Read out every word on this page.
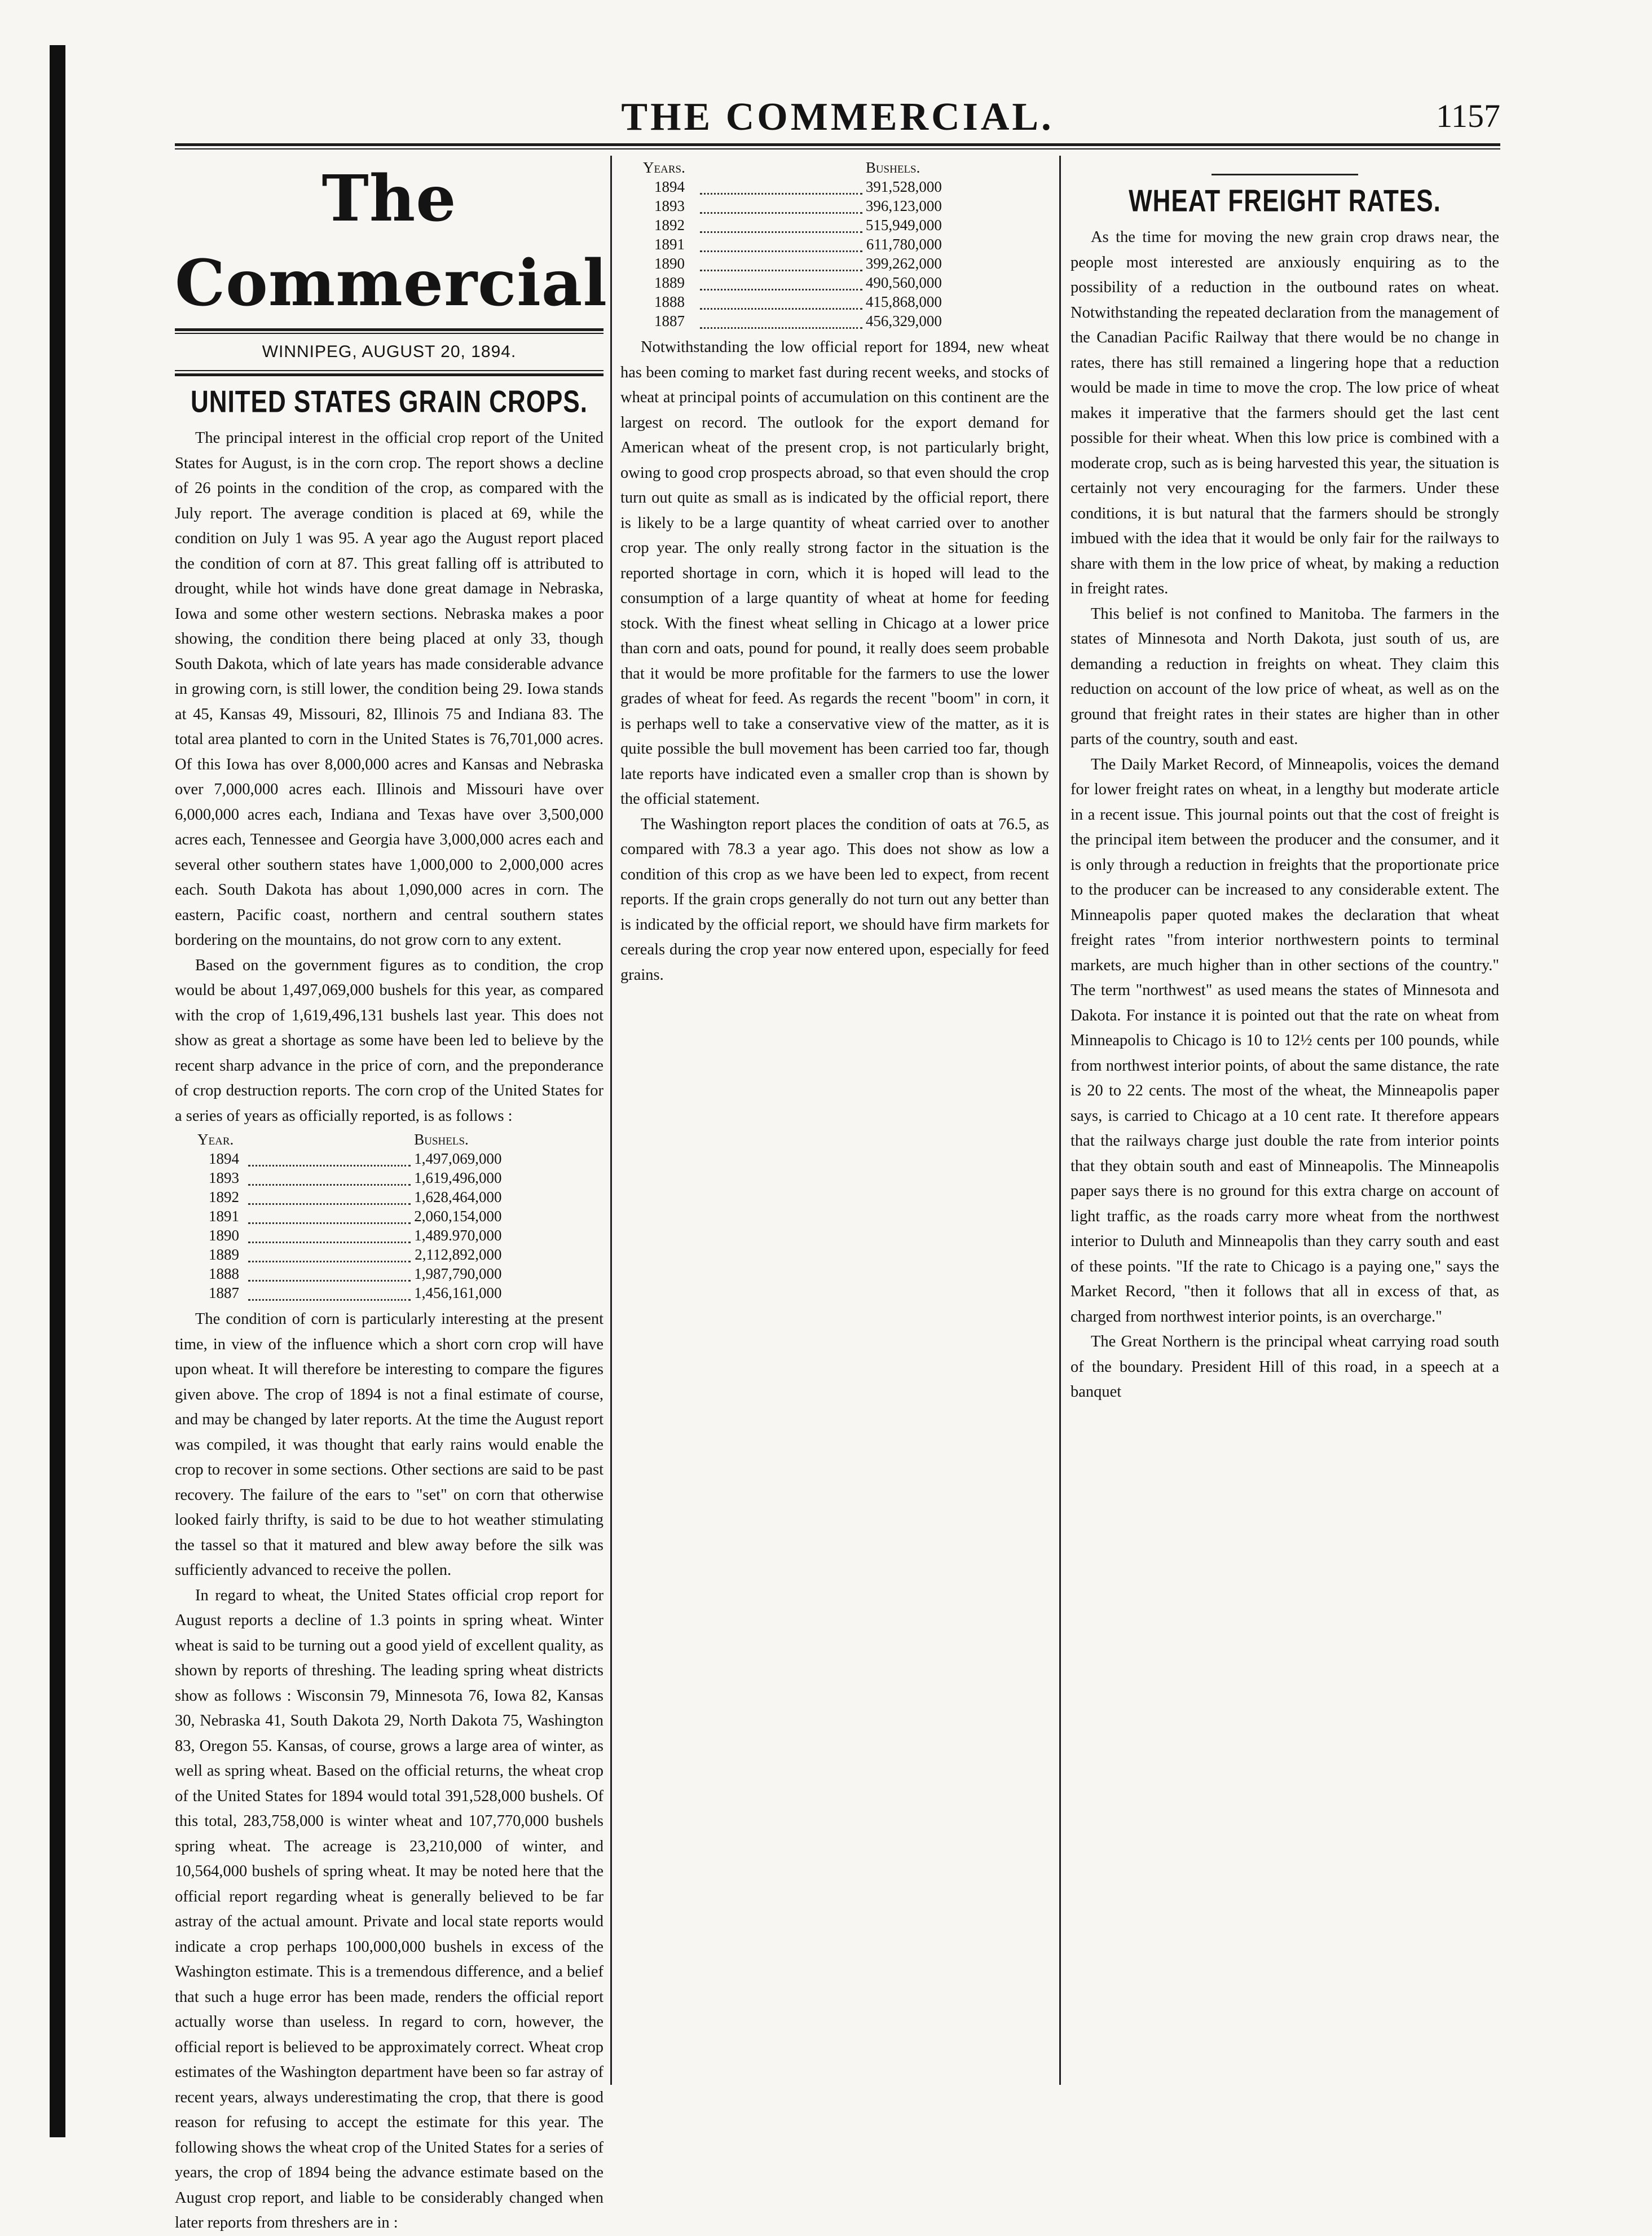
THE COMMERCIAL.	1157
The Commercial
WINNIPEG, AUGUST 20, 1894.
UNITED STATES GRAIN CROPS.

The principal interest in the official crop report of the United States for August, is in the corn crop. The report shows a decline of 26 points in the condition of the crop, as compared with the July report. The average condition is placed at 69, while the condition on July 1 was 95. A year ago the August report placed the condition of corn at 87. This great falling off is attributed to drought, while hot winds have done great damage in Nebraska, Iowa and some other western sections. Nebraska makes a poor showing, the condition there being placed at only 33, though South Dakota, which of late years has made considerable advance in growing corn, is still lower, the condition being 29. Iowa stands at 45, Kansas 49, Missouri, 82, Illinois 75 and Indiana 83. The total area planted to corn in the United States is 76,701,000 acres. Of this Iowa has over 8,000,000 acres and Kansas and Nebraska over 7,000,000 acres each. Illinois and Missouri have over 6,000,000 acres each, Indiana and Texas have over 3,500,000 acres each, Tennessee and Georgia have 3,000,000 acres each and several other southern states have 1,000,000 to 2,000,000 acres each. South Dakota has about 1,090,000 acres in corn. The eastern, Pacific coast, northern and central southern states bordering on the mountains, do not grow corn to any extent.

Based on the government figures as to condition, the crop would be about 1,497,069,000 bushels for this year, as compared with the crop of 1,619,496,131 bushels last year. This does not show as great a shortage as some have been led to believe by the recent sharp advance in the price of corn, and the preponderance of crop destruction reports. The corn crop of the United States for a series of years as officially reported, is as follows :

Year.		Bushels.
1894		1,497,069,000
1893		1,619,496,000
1892		1,628,464,000
1891		2,060,154,000
1890		1,489.970,000
1889		2,112,892,000
1888		1,987,790,000
1887		1,456,161,000

The condition of corn is particularly interesting at the present time, in view of the influence which a short corn crop will have upon wheat. It will therefore be interesting to compare the figures given above. The crop of 1894 is not a final estimate of course, and may be changed by later reports. At the time the August report was compiled, it was thought that early rains would enable the crop to recover in some sections. Other sections are said to be past recovery. The failure of the ears to "set" on corn that otherwise looked fairly thrifty, is said to be due to hot weather stimulating the tassel so that it matured and blew away before the silk was sufficiently advanced to receive the pollen.

In regard to wheat, the United States official crop report for August reports a decline of 1.3 points in spring wheat. Winter wheat is said to be turning out a good yield of excellent quality, as shown by reports of threshing. The leading spring wheat districts show as follows : Wisconsin 79, Minnesota 76, Iowa 82, Kansas 30, Nebraska 41, South Dakota 29, North Dakota 75, Washington 83, Oregon 55. Kansas, of course, grows a large area of winter, as well as spring wheat. Based on the official returns, the wheat crop of the United States for 1894 would total 391,528,000 bushels. Of this total, 283,758,000 is winter wheat and 107,770,000 bushels spring wheat. The acreage is 23,210,000 of winter, and 10,564,000 bushels of spring wheat. It may be noted here that the official report regarding wheat is generally believed to be far astray of the actual amount. Private and local state reports would indicate a crop perhaps 100,000,000 bushels in excess of the Washington estimate. This is a tremendous difference, and a belief that such a huge error has been made, renders the official report actually worse than useless. In regard to corn, however, the official report is believed to be approximately correct. Wheat crop estimates of the Washington department have been so far astray of recent years, always underestimating the crop, that there is good reason for refusing to accept the estimate for this year. The following shows the wheat crop of the United States for a series of years, the crop of 1894 being the advance estimate based on the August crop report, and liable to be considerably changed when later reports from threshers are in :

Years.		Bushels.
1894		391,528,000
1893		396,123,000
1892		515,949,000
1891		611,780,000
1890		399,262,000
1889		490,560,000
1888		415,868,000
1887		456,329,000

Notwithstanding the low official report for 1894, new wheat has been coming to market fast during recent weeks, and stocks of wheat at principal points of accumulation on this continent are the largest on record. The outlook for the export demand for American wheat of the present crop, is not particularly bright, owing to good crop prospects abroad, so that even should the crop turn out quite as small as is indicated by the official report, there is likely to be a large quantity of wheat carried over to another crop year. The only really strong factor in the situation is the reported shortage in corn, which it is hoped will lead to the consumption of a large quantity of wheat at home for feeding stock. With the finest wheat selling in Chicago at a lower price than corn and oats, pound for pound, it really does seem probable that it would be more profitable for the farmers to use the lower grades of wheat for feed. As regards the recent "boom" in corn, it is perhaps well to take a conservative view of the matter, as it is quite possible the bull movement has been carried too far, though late reports have indicated even a smaller crop than is shown by the official statement.

The Washington report places the condition of oats at 76.5, as compared with 78.3 a year ago. This does not show as low a condition of this crop as we have been led to expect, from recent reports. If the grain crops generally do not turn out any better than is indicated by the official report, we should have firm markets for cereals during the crop year now entered upon, especially for feed grains.

WHEAT FREIGHT RATES.

As the time for moving the new grain crop draws near, the people most interested are anxiously enquiring as to the possibility of a reduction in the outbound rates on wheat. Notwithstanding the repeated declaration from the management of the Canadian Pacific Railway that there would be no change in rates, there has still remained a lingering hope that a reduction would be made in time to move the crop. The low price of wheat makes it imperative that the farmers should get the last cent possible for their wheat. When this low price is combined with a moderate crop, such as is being harvested this year, the situation is certainly not very encouraging for the farmers. Under these conditions, it is but natural that the farmers should be strongly imbued with the idea that it would be only fair for the railways to share with them in the low price of wheat, by making a reduction in freight rates.

This belief is not confined to Manitoba. The farmers in the states of Minnesota and North Dakota, just south of us, are demanding a reduction in freights on wheat. They claim this reduction on account of the low price of wheat, as well as on the ground that freight rates in their states are higher than in other parts of the country, south and east.

The Daily Market Record, of Minneapolis, voices the demand for lower freight rates on wheat, in a lengthy but moderate article in a recent issue. This journal points out that the cost of freight is the principal item between the producer and the consumer, and it is only through a reduction in freights that the proportionate price to the producer can be increased to any considerable extent. The Minneapolis paper quoted makes the declaration that wheat freight rates "from interior northwestern points to terminal markets, are much higher than in other sections of the country." The term "northwest" as used means the states of Minnesota and Dakota. For instance it is pointed out that the rate on wheat from Minneapolis to Chicago is 10 to 12½ cents per 100 pounds, while from northwest interior points, of about the same distance, the rate is 20 to 22 cents. The most of the wheat, the Minneapolis paper says, is carried to Chicago at a 10 cent rate. It therefore appears that the railways charge just double the rate from interior points that they obtain south and east of Minneapolis. The Minneapolis paper says there is no ground for this extra charge on account of light traffic, as the roads carry more wheat from the northwest interior to Duluth and Minneapolis than they carry south and east of these points. "If the rate to Chicago is a paying one," says the Market Record, "then it follows that all in excess of that, as charged from northwest interior points, is an overcharge."

The Great Northern is the principal wheat carrying road south of the boundary. President Hill of this road, in a speech at a banquet
